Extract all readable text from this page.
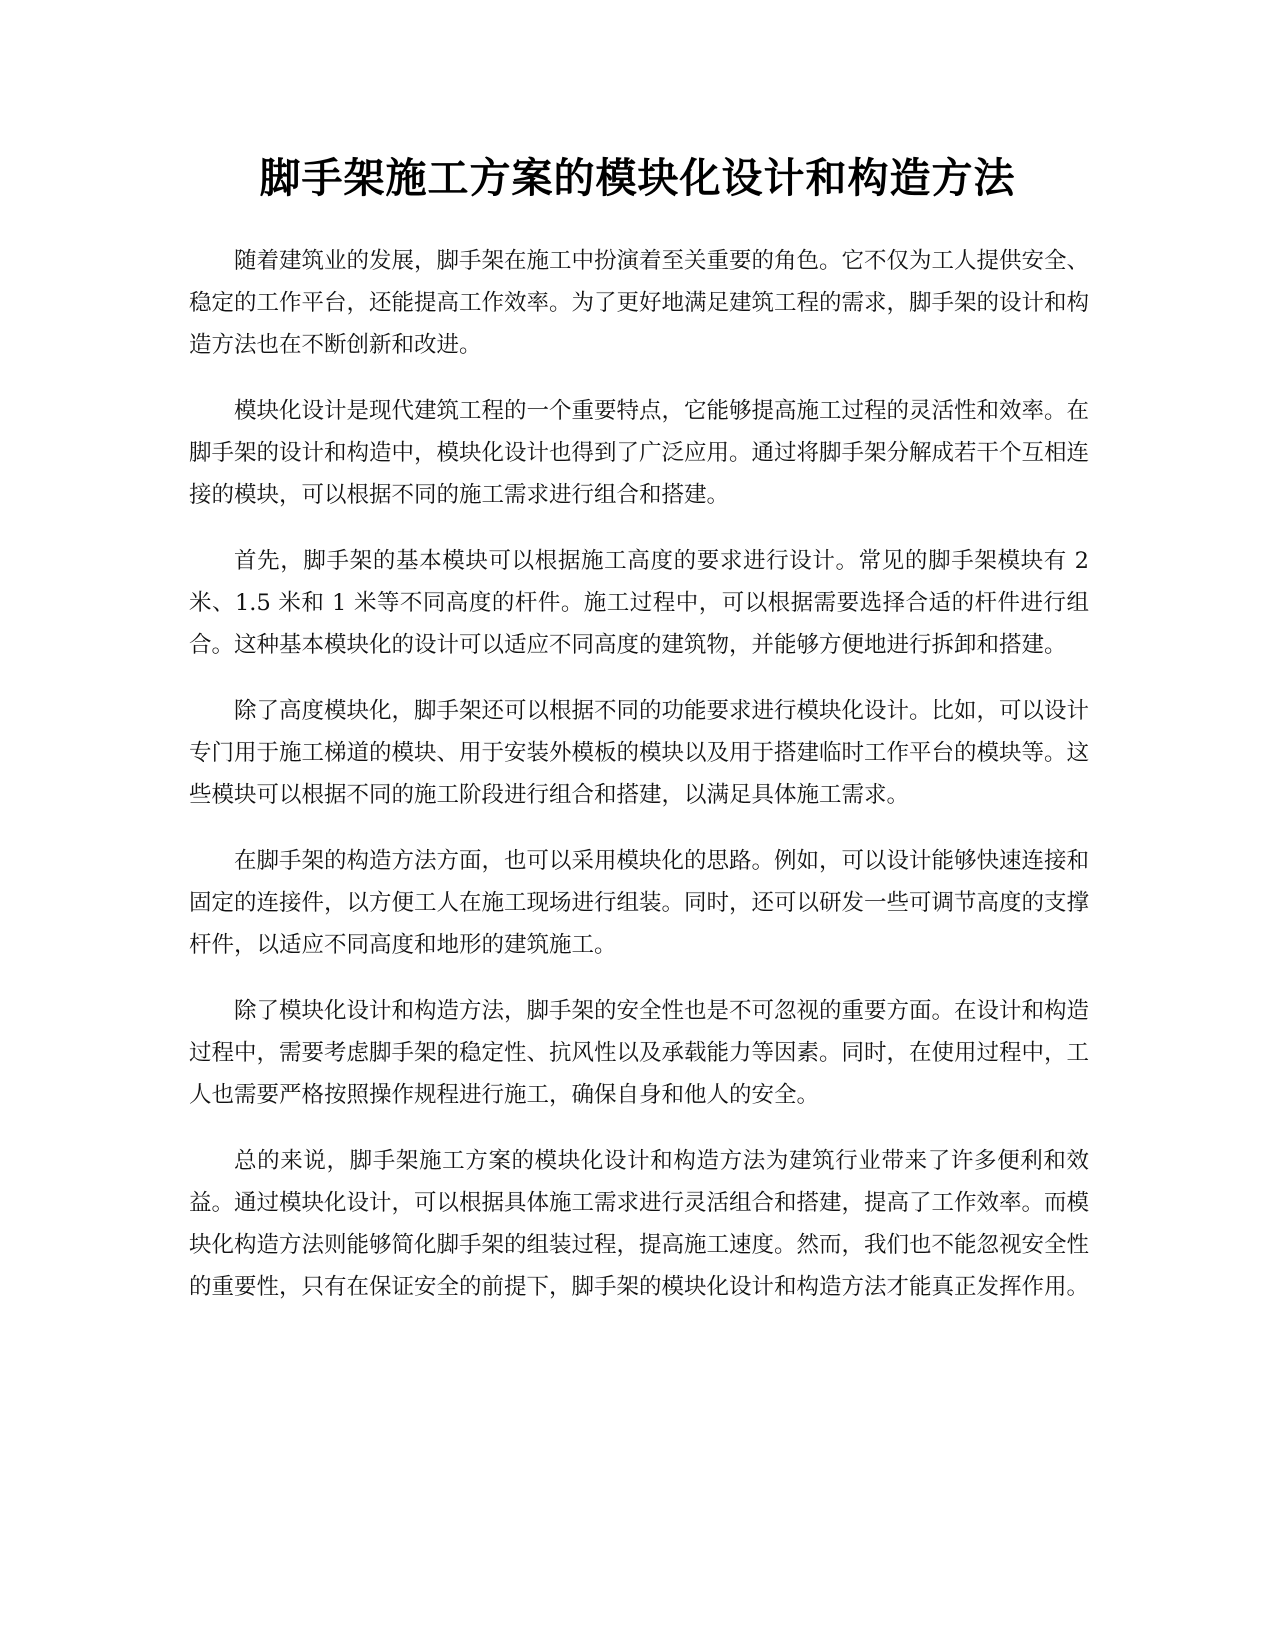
脚手架施工方案的模块化设计和构造方法

随着建筑业的发展，脚手架在施工中扮演着至关重要的角色。它不仅为工人提供安全、稳定的工作平台，还能提高工作效率。为了更好地满足建筑工程的需求，脚手架的设计和构造方法也在不断创新和改进。

模块化设计是现代建筑工程的一个重要特点，它能够提高施工过程的灵活性和效率。在脚手架的设计和构造中，模块化设计也得到了广泛应用。通过将脚手架分解成若干个互相连接的模块，可以根据不同的施工需求进行组合和搭建。

首先，脚手架的基本模块可以根据施工高度的要求进行设计。常见的脚手架模块有 2 米、1.5 米和 1 米等不同高度的杆件。施工过程中，可以根据需要选择合适的杆件进行组合。这种基本模块化的设计可以适应不同高度的建筑物，并能够方便地进行拆卸和搭建。

除了高度模块化，脚手架还可以根据不同的功能要求进行模块化设计。比如，可以设计专门用于施工梯道的模块、用于安装外模板的模块以及用于搭建临时工作平台的模块等。这些模块可以根据不同的施工阶段进行组合和搭建，以满足具体施工需求。

在脚手架的构造方法方面，也可以采用模块化的思路。例如，可以设计能够快速连接和固定的连接件，以方便工人在施工现场进行组装。同时，还可以研发一些可调节高度的支撑杆件，以适应不同高度和地形的建筑施工。

除了模块化设计和构造方法，脚手架的安全性也是不可忽视的重要方面。在设计和构造过程中，需要考虑脚手架的稳定性、抗风性以及承载能力等因素。同时，在使用过程中，工人也需要严格按照操作规程进行施工，确保自身和他人的安全。

总的来说，脚手架施工方案的模块化设计和构造方法为建筑行业带来了许多便利和效益。通过模块化设计，可以根据具体施工需求进行灵活组合和搭建，提高了工作效率。而模块化构造方法则能够简化脚手架的组装过程，提高施工速度。然而，我们也不能忽视安全性的重要性，只有在保证安全的前提下，脚手架的模块化设计和构造方法才能真正发挥作用。
